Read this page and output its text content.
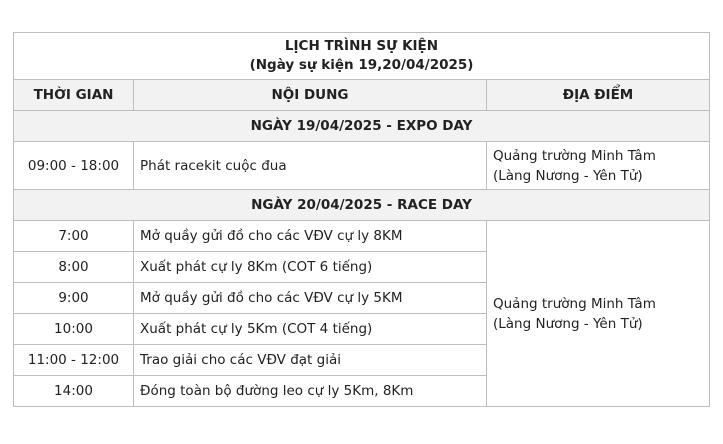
LỊCH TRÌNH SỰ KIỆN
(Ngày sự kiện 19,20/04/2025)		

THỜI GIAN	NỘI DUNG	ĐỊA ĐIỂM
NGÀY 19/04/2025 - EXPO DAY		
09:00 - 18:00	Phát racekit cuộc đua	Quảng trường Minh Tâm
(Làng Nương - Yên Tử)

NGÀY 20/04/2025 - RACE DAY		
7:00	Mở quầy gửi đồ cho các VĐV cự ly 8KM	Quảng trường Minh Tâm
(Làng Nương - Yên Tử)

8:00	Xuất phát cự ly 8Km (COT 6 tiếng)	
9:00	Mở quầy gửi đồ cho các VĐV cự ly 5KM	
10:00	Xuất phát cự ly 5Km (COT 4 tiếng)	
11:00 - 12:00	Trao giải cho các VĐV đạt giải	
14:00	Đóng toàn bộ đường leo cự ly 5Km, 8Km	
